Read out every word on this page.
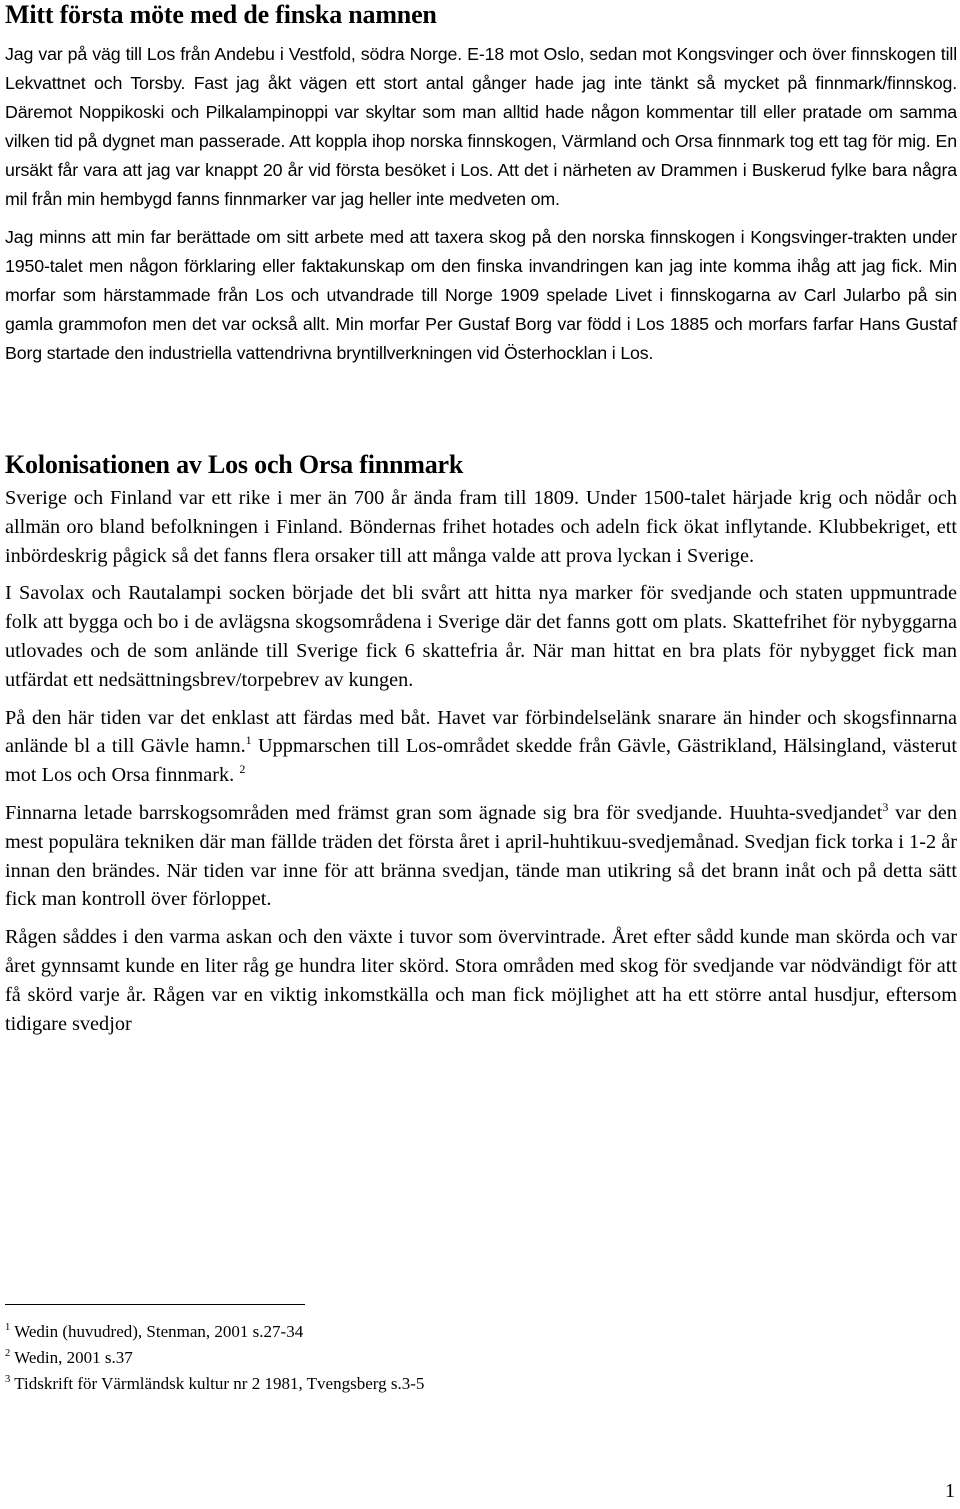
Mitt första möte med de finska namnen

Jag var på väg till Los från Andebu i Vestfold, södra Norge. E-18 mot Oslo, sedan mot Kongsvinger och över finnskogen till Lekvattnet och Torsby. Fast jag åkt vägen ett stort antal gånger hade jag inte tänkt så mycket på finnmark/finnskog. Däremot Noppikoski och Pilkalampinoppi var skyltar som man alltid hade någon kommentar till eller pratade om samma vilken tid på dygnet man passerade. Att koppla ihop norska finnskogen, Värmland och Orsa finnmark tog ett tag för mig. En ursäkt får vara att jag var knappt 20 år vid första besöket i Los. Att det i närheten av Drammen i Buskerud fylke bara några mil från min hembygd fanns finnmarker var jag heller inte medveten om.

Jag minns att min far berättade om sitt arbete med att taxera skog på den norska finnskogen i Kongsvinger-trakten under 1950-talet men någon förklaring eller faktakunskap om den finska invandringen kan jag inte komma ihåg att jag fick. Min morfar som härstammade från Los och utvandrade till Norge 1909 spelade Livet i finnskogarna av Carl Jularbo på sin gamla grammofon men det var också allt. Min morfar Per Gustaf Borg var född i Los 1885 och morfars farfar Hans Gustaf Borg startade den industriella vattendrivna bryntillverkningen vid Österhocklan i Los.

Kolonisationen av Los och Orsa finnmark

Sverige och Finland var ett rike i mer än 700 år ända fram till 1809. Under 1500-talet härjade krig och nödår och allmän oro bland befolkningen i Finland. Böndernas frihet hotades och adeln fick ökat inflytande. Klubbekriget, ett inbördeskrig pågick så det fanns flera orsaker till att många valde att prova lyckan i Sverige.

I Savolax och Rautalampi socken började det bli svårt att hitta nya marker för svedjande och staten uppmuntrade folk att bygga och bo i de avlägsna skogsområdena i Sverige där det fanns gott om plats. Skattefrihet för nybyggarna utlovades och de som anlände till Sverige fick 6 skattefria år. När man hittat en bra plats för nybygget fick man utfärdat ett nedsättningsbrev/torpebrev av kungen.

På den här tiden var det enklast att färdas med båt. Havet var förbindelselänk snarare än hinder och skogsfinnarna anlände bl a till Gävle hamn.$^1$ Uppmarschen till Los-området skedde från Gävle, Gästrikland, Hälsingland, västerut mot Los och Orsa finnmark. $^2$

Finnarna letade barrskogsområden med främst gran som ägnade sig bra för svedjande. Huuhta-svedjandet$^3$ var den mest populära tekniken där man fällde träden det första året i april-huhtikuu-svedjemånad. Svedjan fick torka i 1-2 år innan den brändes. När tiden var inne för att bränna svedjan, tände man utikring så det brann inåt och på detta sätt fick man kontroll över förloppet.

Rågen såddes i den varma askan och den växte i tuvor som övervintrade. Året efter sådd kunde man skörda och var året gynnsamt kunde en liter råg ge hundra liter skörd. Stora områden med skog för svedjande var nödvändigt för att få skörd varje år. Rågen var en viktig inkomstkälla och man fick möjlighet att ha ett större antal husdjur, eftersom tidigare svedjor

$^1$ Wedin (huvudred), Stenman, 2001 s.27-34

$^2$ Wedin, 2001 s.37

$^3$ Tidskrift för Värmländsk kultur nr 2 1981, Tvengsberg s.3-5

1
